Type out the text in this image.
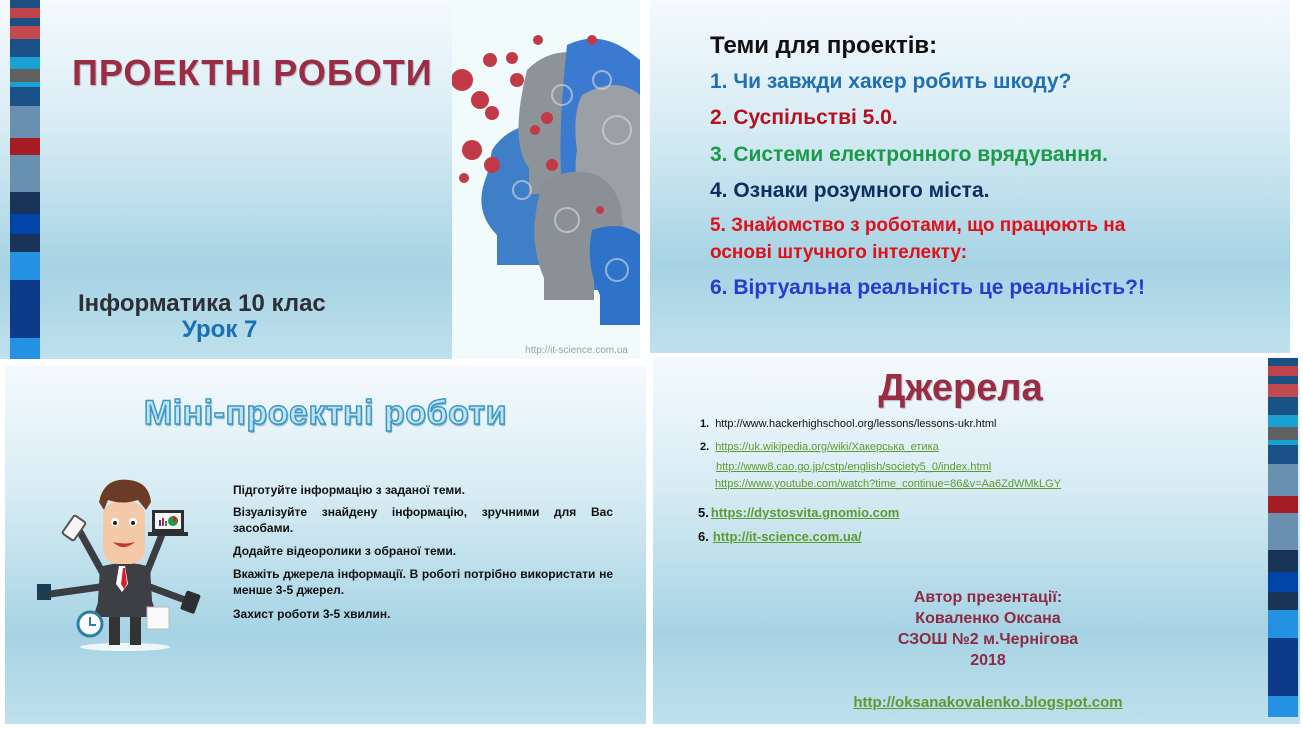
ПРОЕКТНІ РОБОТИ
Інформатика 10 клас
Урок 7
http://it-science.com.ua
Теми для проектів:
1. Чи завжди хакер робить шкоду?
2. Суспільстві 5.0.
3. Системи електронного врядування.
4. Ознаки розумного міста.
5. Знайомство з роботами, що працюють на
основі штучного інтелекту:
6. Віртуальна реальність це реальність?!
Міні-проектні роботи
Підготуйте інформацію з заданої теми.
Візуалізуйте знайдену інформацію, зручними для Вас засобами.
Додайте відеоролики з обраної теми.
Вкажіть джерела інформації. В роботі потрібно використати не менше 3-5 джерел.
Захист роботи 3-5 хвилин.
Джерела
1. http://www.hackerhighschool.org/lessons/lessons-ukr.html
2. https://uk.wikipedia.org/wiki/Хакерська_етика
http://www8.cao.go.jp/cstp/english/society5_0/index.html
https://www.youtube.com/watch?time_continue=86&v=Aa6ZdWMkLGY
5. https://dystosvita.gnomio.com
6. http://it-science.com.ua/
Автор презентації:
Коваленко Оксана
СЗОШ №2 м.Чернігова
2018
http://oksanakovalenko.blogspot.com
